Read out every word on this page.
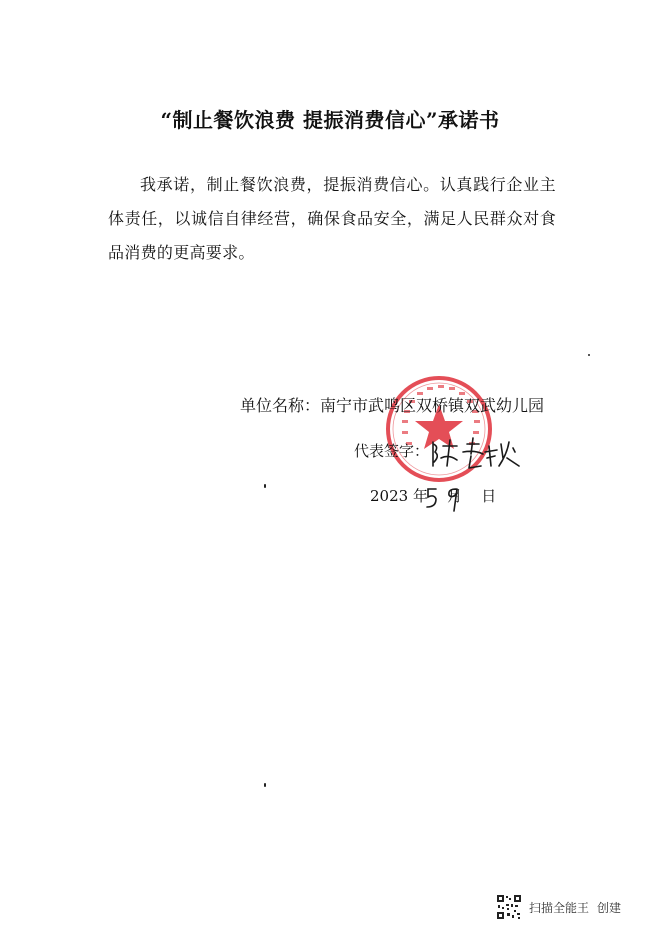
“制止餐饮浪费 提振消费信心”承诺书
我承诺，制止餐饮浪费，提振消费信心。认真践行企业主体责任，以诚信自律经营，确保食品安全，满足人民群众对食品消费的更高要求。
单位名称：南宁市武鸣区双桥镇双武幼儿园
代表签字：
2023 年 月 日
扫描全能王 创建
